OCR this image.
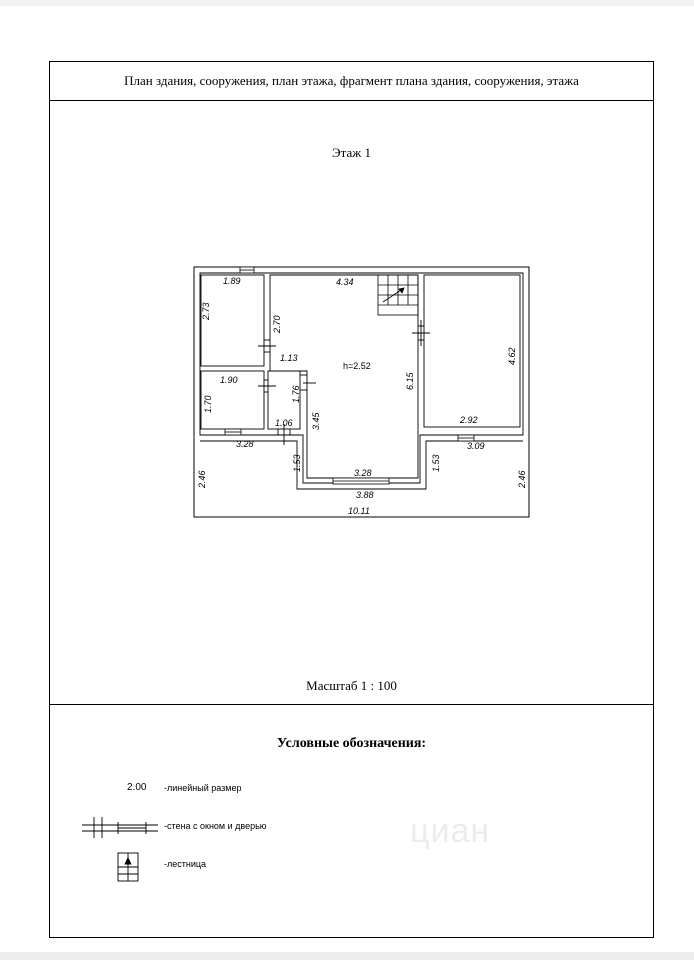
План здания, сооружения, план этажа, фрагмент плана здания, сооружения, этажа
Этаж 1
Масштаб 1 : 100
Условные обозначения:
1.89	4.34
2.73
2.70
1.13
h=2.52
4.62
6.15
1.90
1.70
1.76
3.45	2.92
1.06
3.28	3.09
2.46
1.53
3.28
1.53
2.46
3.88
10.11
2.00 -линейный размер
-стена с окном и дверью
-лестница
циан
